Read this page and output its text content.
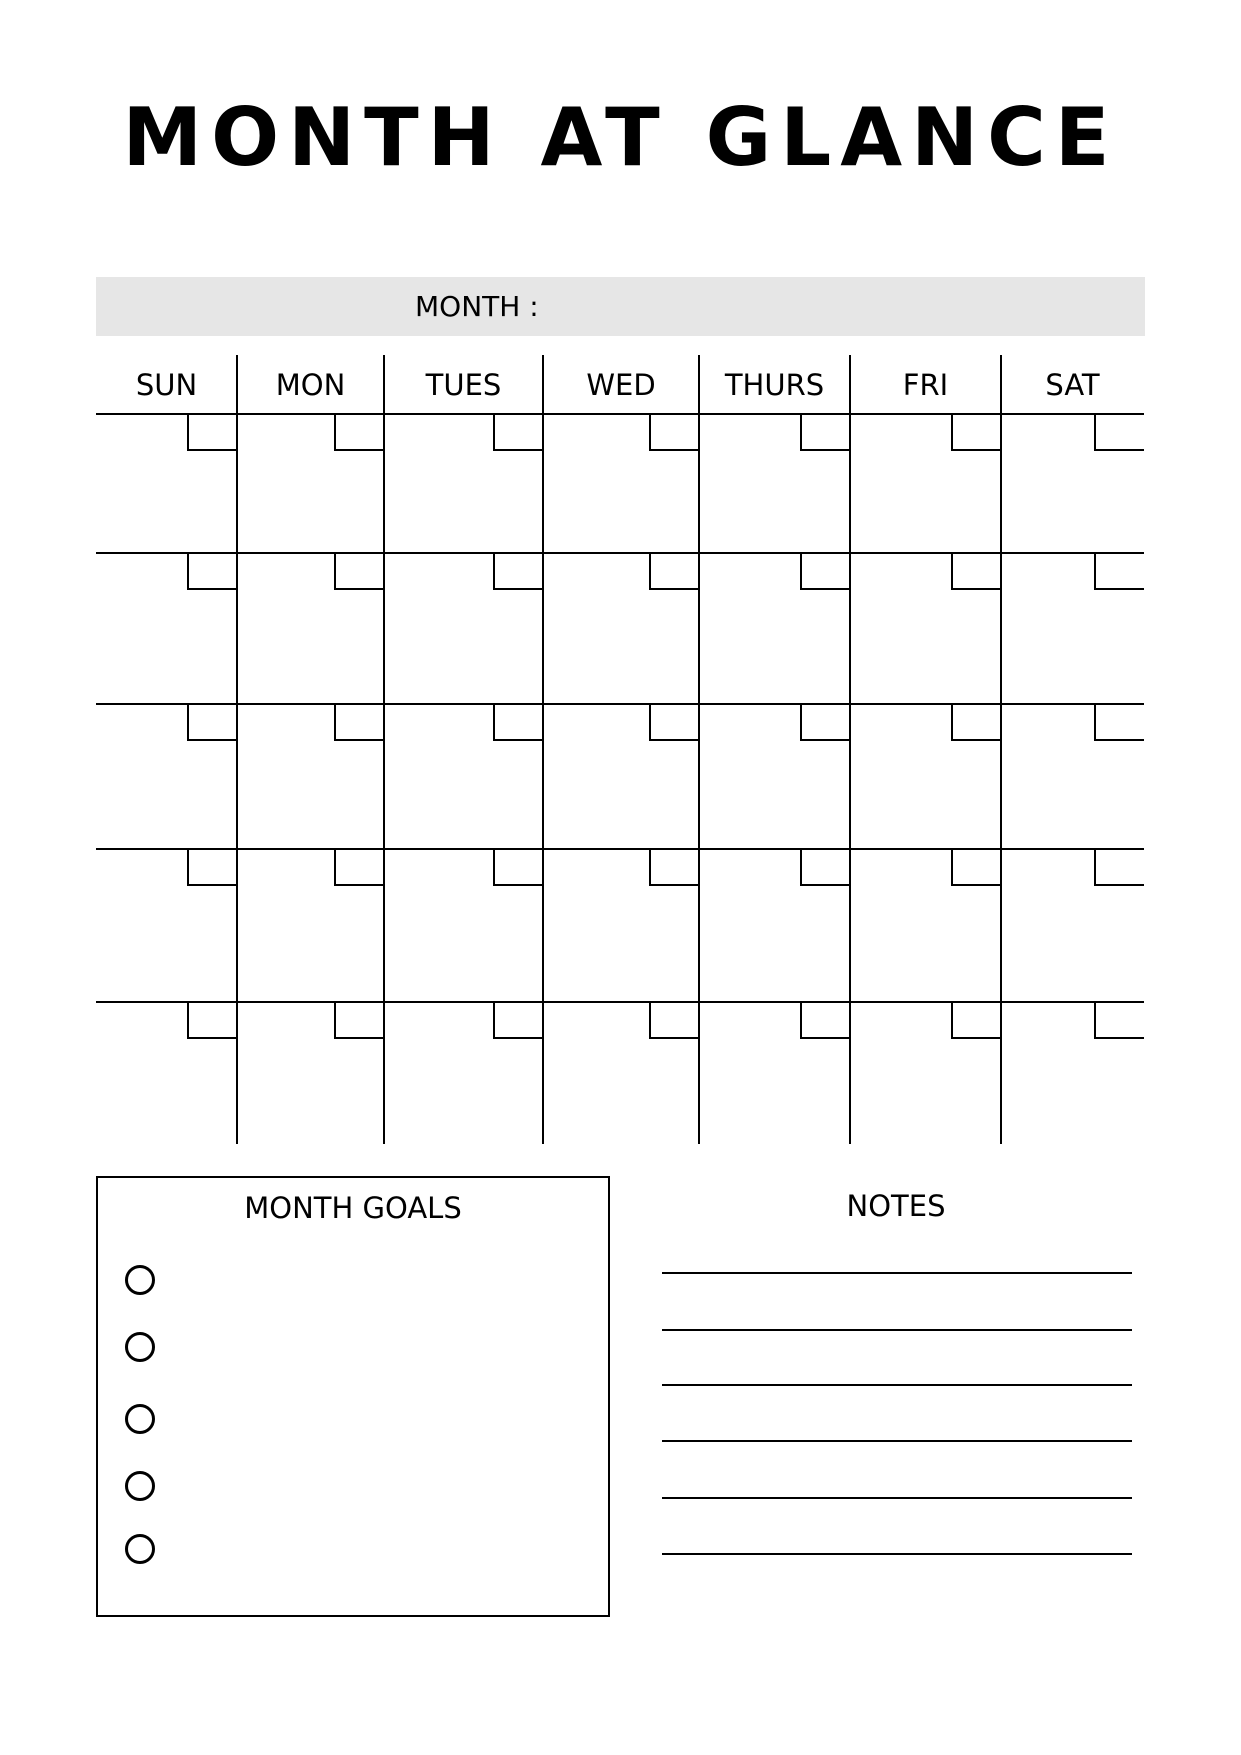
MONTH AT GLANCE
MONTH :
SUN	MON	TUES	WED	THURS	FRI	SAT
MONTH GOALS	NOTES
